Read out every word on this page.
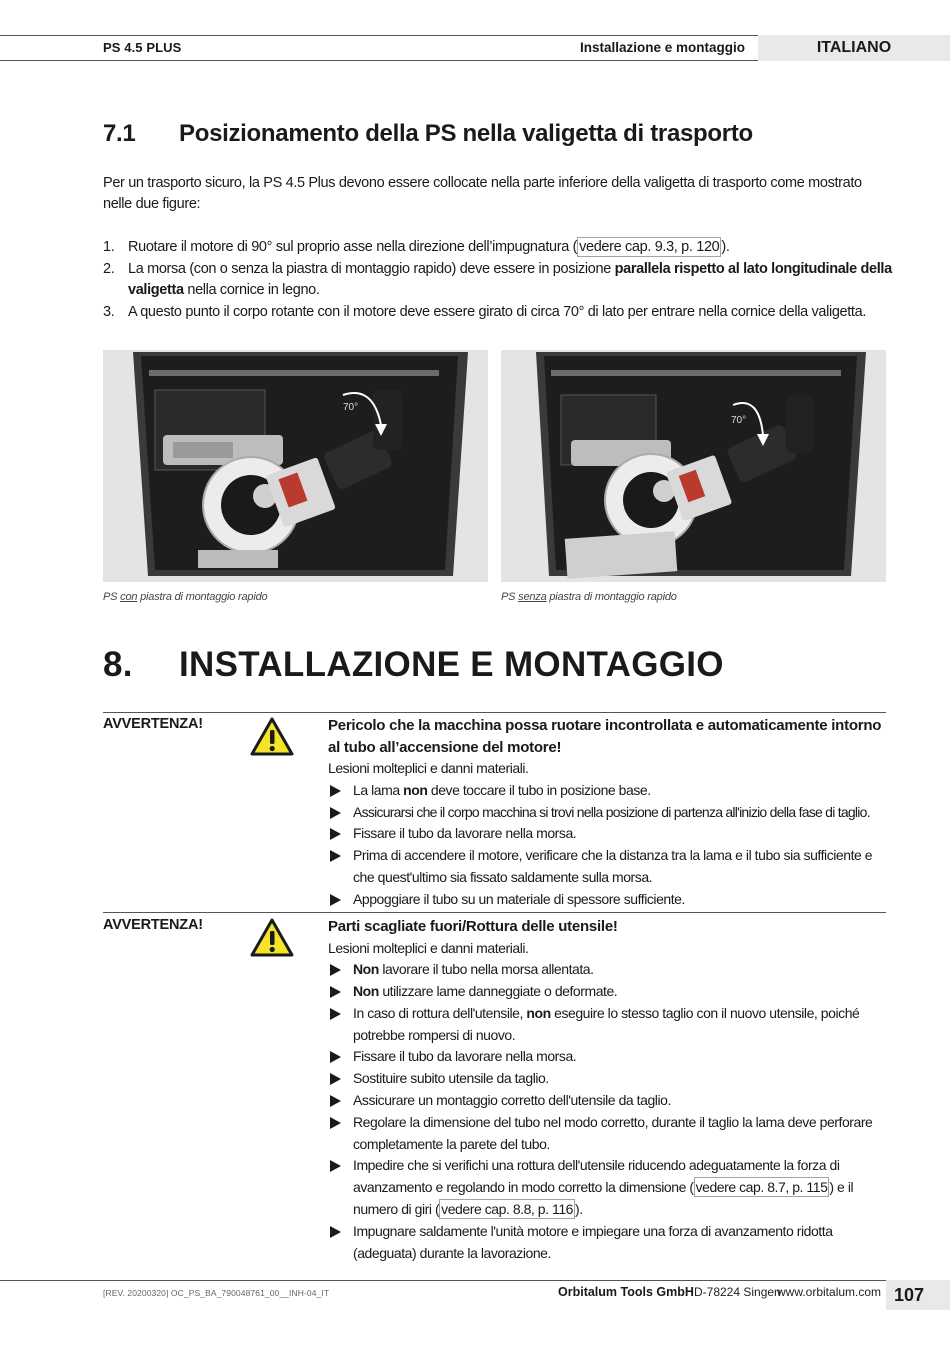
PS 4.5 PLUS	Installazione e montaggio	ITALIANO
7.1 Posizionamento della PS nella valigetta di trasporto
Per un trasporto sicuro, la PS 4.5 Plus devono essere collocate nella parte inferiore della valigetta di trasporto come mostrato nelle due figure:
1. Ruotare il motore di 90° sul proprio asse nella direzione dell’impugnatura ( vedere cap. 9.3, p. 120 ).
2. La morsa (con o senza la piastra di montaggio rapido) deve essere in posizione parallela rispetto al lato longitudinale della valigetta nella cornice in legno.
3. A questo punto il corpo rotante con il motore deve essere girato di circa 70° di lato per entrare nella cornice della valigetta.
70°
PS con piastra di montaggio rapido
70°
PS senza piastra di montaggio rapido
8. INSTALLAZIONE E MONTAGGIO
AVVERTENZA!	Pericolo che la macchina possa ruotare incontrollata e automaticamente intorno al tubo all’accensione del motore!
Lesioni molteplici e danni materiali.
La lama non deve toccare il tubo in posizione base.
Assicurarsi che il corpo macchina si trovi nella posizione di partenza all'inizio della fase di taglio.
Fissare il tubo da lavorare nella morsa.
Prima di accendere il motore, verificare che la distanza tra la lama e il tubo sia sufficiente e che quest'ultimo sia fissato saldamente sulla morsa.
Appoggiare il tubo su un materiale di spessore sufficiente.
AVVERTENZA!	Parti scagliate fuori/Rottura delle utensile!
Lesioni molteplici e danni materiali.
Non lavorare il tubo nella morsa allentata.
Non utilizzare lame danneggiate o deformate.
In caso di rottura dell'utensile, non eseguire lo stesso taglio con il nuovo utensile, poiché potrebbe rompersi di nuovo.
Fissare il tubo da lavorare nella morsa.
Sostituire subito utensile da taglio.
Assicurare un montaggio corretto dell'utensile da taglio.
Regolare la dimensione del tubo nel modo corretto, durante il taglio la lama deve perforare completamente la parete del tubo.
Impedire che si verifichi una rottura dell'utensile riducendo adeguatamente la forza di avanzamento e regolando in modo corretto la dimensione ( vedere cap. 8.7, p. 115 ) e il numero di giri ( vedere cap. 8.8, p. 116 ).
Impugnare saldamente l'unità motore e impiegare una forza di avanzamento ridotta (adeguata) durante la lavorazione.
[REV. 20200320] OC_PS_BA_790048761_00__INH-04_IT	Orbitalum Tools GmbH D-78224 Singen
www.orbitalum.com 107
